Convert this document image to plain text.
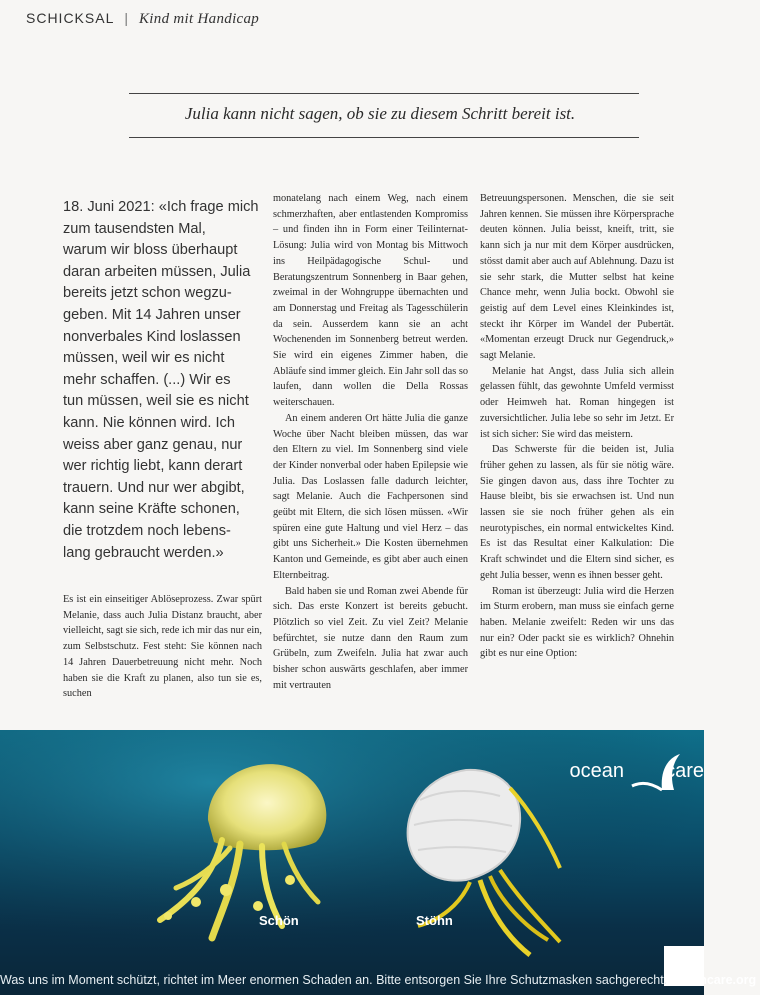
SCHICKSAL | Kind mit Handicap
Julia kann nicht sagen, ob sie zu diesem Schritt bereit ist.
18. Juni 2021: «Ich frage mich
zum tausendsten Mal,
warum wir bloss überhaupt
daran arbeiten müssen, Julia
bereits jetzt schon wegzu-
geben. Mit 14 Jahren unser
nonverbales Kind loslassen
müssen, weil wir es nicht
mehr schaffen. (...) Wir es
tun müssen, weil sie es nicht
kann. Nie können wird. Ich
weiss aber ganz genau, nur
wer richtig liebt, kann derart
trauern. Und nur wer abgibt,
kann seine Kräfte schonen,
die trotzdem noch lebens-
lang gebraucht werden.»

Es ist ein einseitiger Ablöseprozess. Zwar spürt Melanie, dass auch Julia Distanz braucht, aber vielleicht, sagt sie sich, rede ich mir das nur ein, zum Selbstschutz. Fest steht: Sie können nach 14 Jahren Dauerbetreuung nicht mehr. Noch haben sie die Kraft zu planen, also tun sie es, suchen

monatelang nach einem Weg, nach einem schmerzhaften, aber entlastenden Kompromiss – und finden ihn in Form einer Teilinternat-Lösung: Julia wird von Montag bis Mittwoch ins Heilpädagogische Schul- und Beratungszentrum Sonnenberg in Baar gehen, zweimal in der Wohngruppe übernachten und am Donnerstag und Freitag als Tagesschülerin da sein. Ausserdem kann sie an acht Wochenenden im Sonnenberg betreut werden. Sie wird ein eigenes Zimmer haben, die Abläufe sind immer gleich. Ein Jahr soll das so laufen, dann wollen die Della Rossas weiterschauen.

An einem anderen Ort hätte Julia die ganze Woche über Nacht bleiben müssen, das war den Eltern zu viel. Im Sonnenberg sind viele der Kinder nonverbal oder haben Epilepsie wie Julia. Das Loslassen falle dadurch leichter, sagt Melanie. Auch die Fachpersonen sind geübt mit Eltern, die sich lösen müssen. «Wir spüren eine gute Haltung und viel Herz – das gibt uns Sicherheit.» Die Kosten übernehmen Kanton und Gemeinde, es gibt aber auch einen Elternbeitrag.

Bald haben sie und Roman zwei Abende für sich. Das erste Konzert ist bereits gebucht. Plötzlich so viel Zeit. Zu viel Zeit? Melanie befürchtet, sie nutze dann den Raum zum Grübeln, zum Zweifeln. Julia hat zwar auch bisher schon auswärts geschlafen, aber immer mit vertrauten

Betreuungspersonen. Menschen, die sie seit Jahren kennen. Sie müssen ihre Körpersprache deuten können. Julia beisst, kneift, tritt, sie kann sich ja nur mit dem Körper ausdrücken, stösst damit aber auch auf Ablehnung. Dazu ist sie sehr stark, die Mutter selbst hat keine Chance mehr, wenn Julia bockt. Obwohl sie geistig auf dem Level eines Kleinkindes ist, steckt ihr Körper im Wandel der Pubertät. «Momentan erzeugt Druck nur Gegendruck,» sagt Melanie.

Melanie hat Angst, dass Julia sich allein gelassen fühlt, das gewohnte Umfeld vermisst oder Heimweh hat. Roman hingegen ist zuversichtlicher. Julia lebe so sehr im Jetzt. Er ist sich sicher: Sie wird das meistern.

Das Schwerste für die beiden ist, Julia früher gehen zu lassen, als für sie nötig wäre. Sie gingen davon aus, dass ihre Tochter zu Hause bleibt, bis sie erwachsen ist. Und nun lassen sie sie noch früher gehen als ein neurotypisches, ein normal entwickeltes Kind. Es ist das Resultat einer Kalkulation: Die Kraft schwindet und die Eltern sind sicher, es geht Julia besser, wenn es ihnen besser geht.

Roman ist überzeugt: Julia wird die Herzen im Sturm erobern, man muss sie einfach gerne haben. Melanie zweifelt: Reden wir uns das nur ein? Oder packt sie es wirklich? Ohnehin gibt es nur eine Option:

ocean care
Schön	Stöhn
Was uns im Moment schützt, richtet im Meer enormen Schaden an. Bitte entsorgen Sie Ihre Schutzmasken sachgerecht. oceancare.org
